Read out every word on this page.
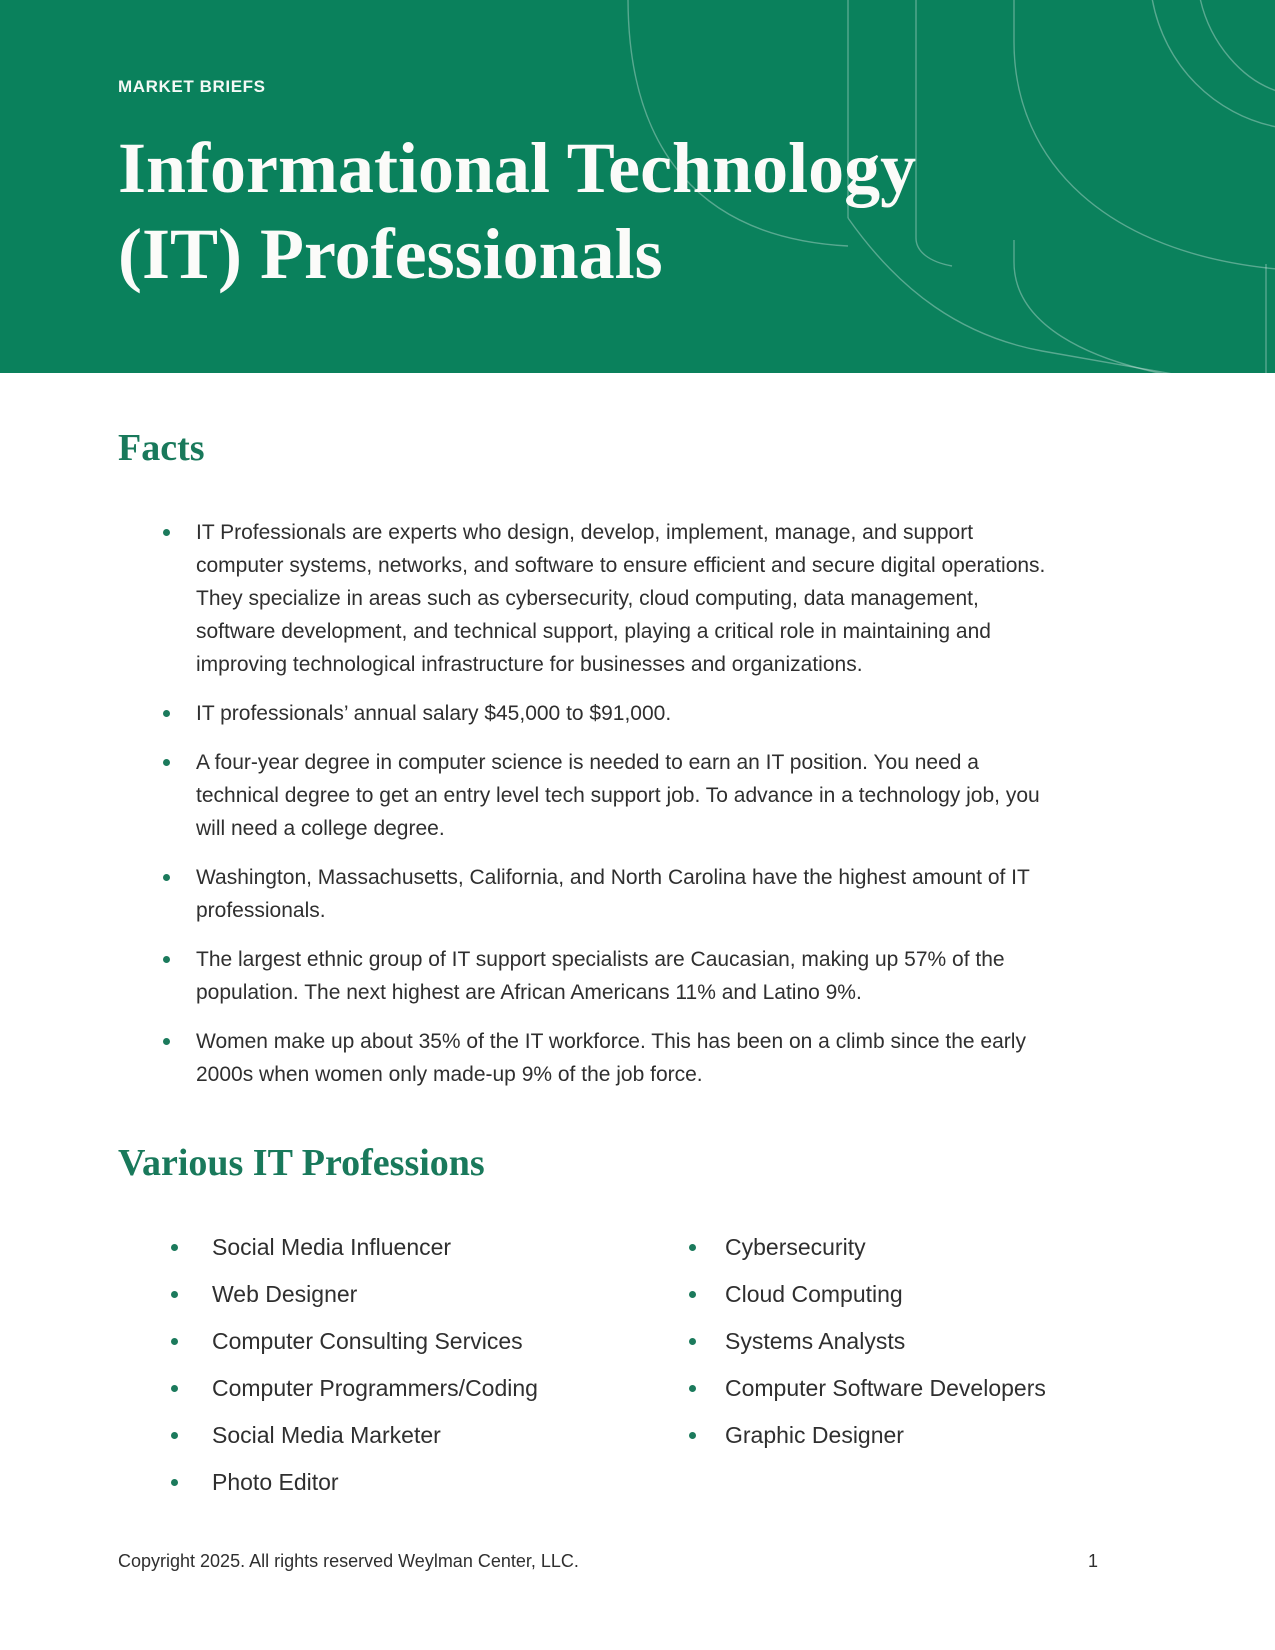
MARKET BRIEFS
Informational Technology
(IT) Professionals
Facts
IT Professionals are experts who design, develop, implement, manage, and support computer systems, networks, and software to ensure efficient and secure digital operations. They specialize in areas such as cybersecurity, cloud computing, data management, software development, and technical support, playing a critical role in maintaining and improving technological infrastructure for businesses and organizations.
IT professionals’ annual salary $45,000 to $91,000.
A four-year degree in computer science is needed to earn an IT position. You need a technical degree to get an entry level tech support job. To advance in a technology job, you will need a college degree.
Washington, Massachusetts, California, and North Carolina have the highest amount of IT professionals.
The largest ethnic group of IT support specialists are Caucasian, making up 57% of the population. The next highest are African Americans 11% and Latino 9%.
Women make up about 35% of the IT workforce. This has been on a climb since the early 2000s when women only made-up 9% of the job force.
Various IT Professions
Social Media Influencer
Web Designer
Computer Consulting Services
Computer Programmers/Coding
Social Media Marketer
Photo Editor
Cybersecurity
Cloud Computing
Systems Analysts
Computer Software Developers
Graphic Designer
Copyright 2025. All rights reserved Weylman Center, LLC.	1
